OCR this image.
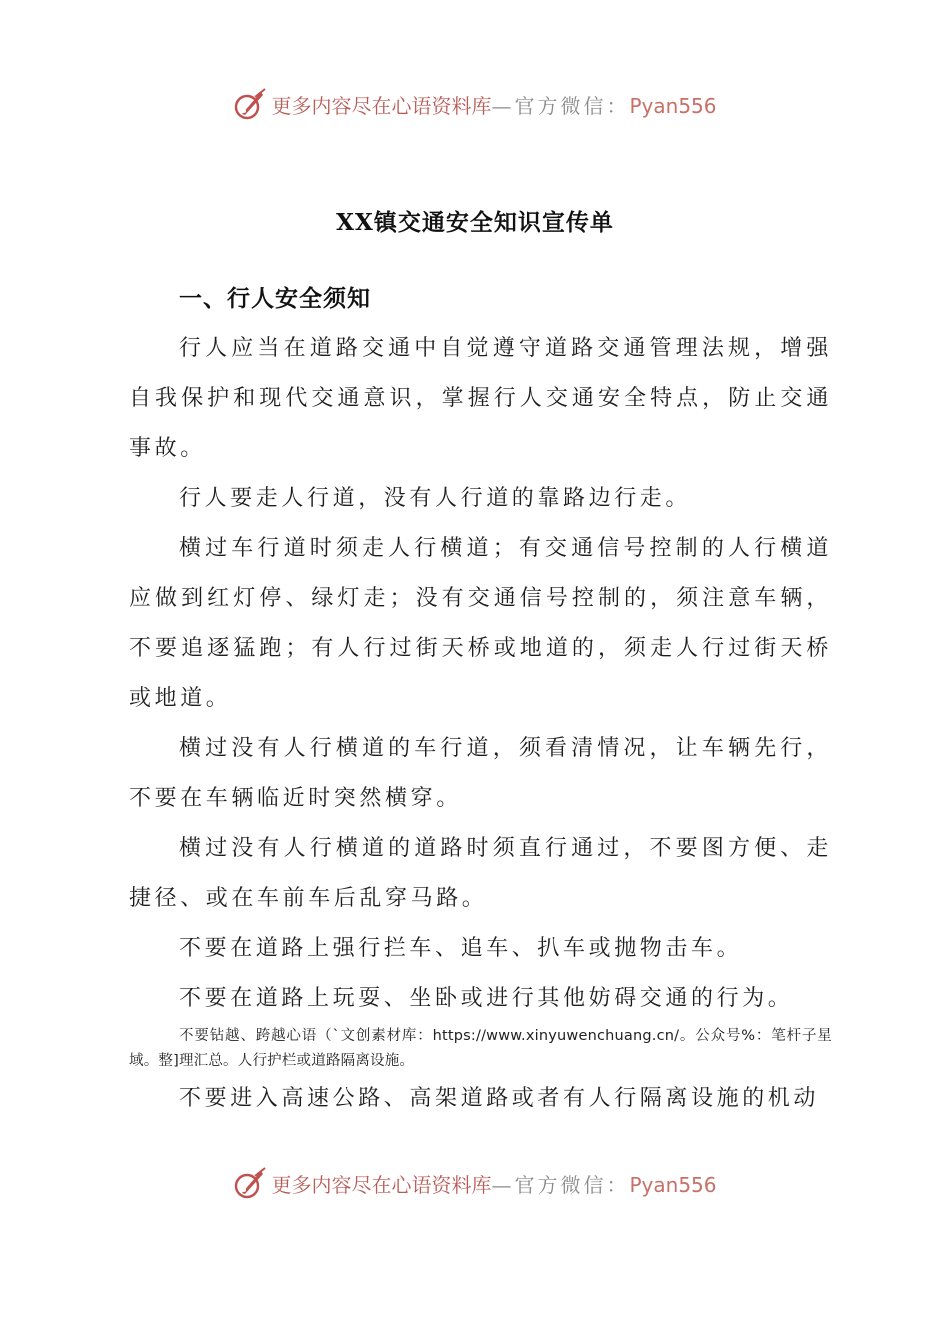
更多内容尽在心语资料库—官方微信：Pyan556
XX镇交通安全知识宣传单
一、行人安全须知

行人应当在道路交通中自觉遵守道路交通管理法规，增强自我保护和现代交通意识，掌握行人交通安全特点，防止交通事故。

行人要走人行道，没有人行道的靠路边行走。

横过车行道时须走人行横道；有交通信号控制的人行横道应做到红灯停、绿灯走；没有交通信号控制的，须注意车辆，不要追逐猛跑；有人行过街天桥或地道的，须走人行过街天桥或地道。

横过没有人行横道的车行道，须看清情况，让车辆先行，不要在车辆临近时突然横穿。

横过没有人行横道的道路时须直行通过，不要图方便、走捷径、或在车前车后乱穿马路。

不要在道路上强行拦车、追车、扒车或抛物击车。

不要在道路上玩耍、坐卧或进行其他妨碍交通的行为。

不要钻越、跨越心语（`文创素材库：https://www.xinyuwenchuang.cn/。公众号%：笔杆子星域。整]理汇总。人行护栏或道路隔离设施。

不要进入高速公路、高架道路或者有人行隔离设施的机动

更多内容尽在心语资料库—官方微信：Pyan556
